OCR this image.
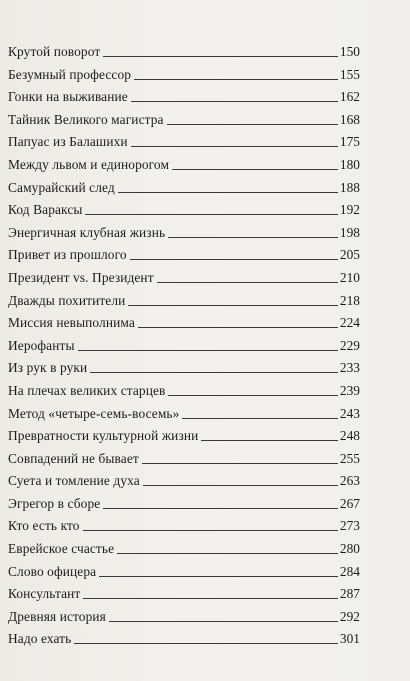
Крутой поворот	150
Безумный профессор	155
Гонки на выживание	162
Тайник Великого магистра	168
Папуас из Балашихи	175
Между львом и единорогом	180
Самурайский след	188
Код Вараксы	192
Энергичная клубная жизнь	198
Привет из прошлого	205
Президент vs. Президент	210
Дважды похитители	218
Миссия невыполнима	224
Иерофанты	229
Из рук в руки	233
На плечах великих старцев	239
Метод «четыре-семь-восемь»	243
Превратности культурной жизни	248
Совпадений не бывает	255
Суета и томление духа	263
Эгрегор в сборе	267
Кто есть кто	273
Еврейское счастье	280
Слово офицера	284
Консультант	287
Древняя история	292
Надо ехать	301
